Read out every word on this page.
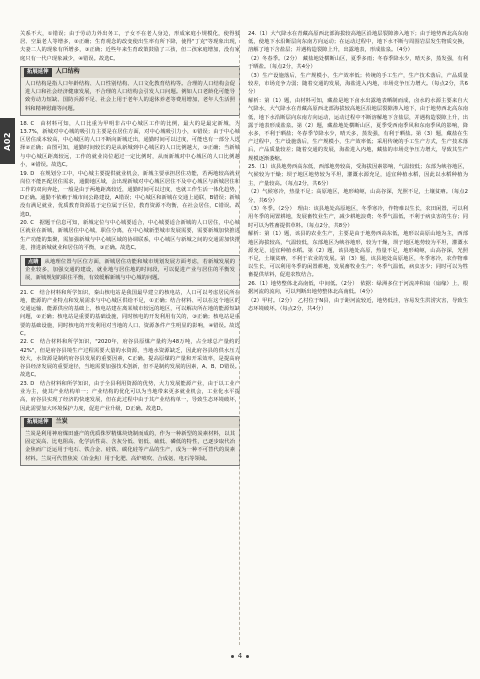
A02

关系不大，①错误；由于劳动力外出务工，子女不在老人身边，形成家庭小规模化，使得独居、空巢老人等增多，②正确；生育观念的改变使出生率有所下降，使得"丁克"等现象出现，夫妻二人的现象有所增多，③正确；近些年来生育政策鼓励了三孩，但二孩家庭增加，没有家庭只有一代户现象减少，④错误。故选C。

拓展延伸	人口结构
人口结构是指人口年龄结构、人口性别结构、人口文化教育结构等。合理的人口结构会促进人口和社会经济健康发展，不合理的人口结构会引发人口问题。例如人口老龄化可能导致劳动力短缺、国防兵源不足、社会上用于老年人的退休养老等费用增加，老年人生活照料和精神慰藉等问题。

18. C　由材料可知，人口比重为甲明非占中心城区工作的比例，最大的是最定新城，为13.7%，新城对中心城的吸引力主要是在居住方面，对中心城吸引力小，①错误；由于中心城区居住成本较高，中心城区的人口不断向新城迁出，通勤时间可以过度，可能也有一部分人选择②正确；由图可知，通勤时间较长的是从新城到中心城区的人口比例越大，③正确；当新城与中心城区距离较远，工作的就业岗位超过一定比例时，从而新城对中心城区的人口比例越小，④错误。故选C。

19. D　在规划分工中，中心城主要提供就业机会，新城主要承担居住功能，若两地较高就业岗位不能匹配居住需求，通勤地区域，会出现新城对中心城区居住不及中心城区与新城居住和工作的双向奔赴，一般是由于两地距离较近，通勤时间可以过度，也就工作生活一体化趋势，D正确。通勤不依赖于城市间公路建设，A错误；中心城区和新城在交通上通联，B错误；新城没有满足就业，优质教育资源基于定位属于区位，教育资源不均衡，在社会居住，C错误。故选D。

20. C　据题干信息可知，新城定位与中心城要适合，中心城要适合新城的人口居住，中心城区就业在新城，新城居住中心城，职住分离，在中心城新型城市发展需要，需要新城加快推进生产功能的集聚，需加强新城与中心城区域的协调联系，中心城区与新城之间的交通需加快推进，推进新城就业和居住的平衡，③正确。故选C。

点睛 从地理位置与区位方面，新城居住功能和城市规划发展方面考虑，若新城发展的企业较多，加强交通的建设，就业地与居住地的时间段，可以促进产业与居住的平衡发展，新城规划的职住平衡，有效缓解新城与中心城的问题。

21. C　结合材料和所学知识，秦山核电站是我国最早建立的核电站，人口可以考虑居民所在地，能源的产业特点和发展需求与中心城区供给不足，①正确；结合材料、可以在这个地区的交通运输、能源供应的基础上，核电站建在离某城市较远的地区，可以解决所在地的能源短缺问题，②正确；核电站是重要的基础设施，同时核电的开发利用有关的，③正确；核电站是重要的基础设施，同时核电的开发利用对当地的人口、资源条件产生明显的影响，④错误。故选C。

22. C　结合材料和所学知识，"2020年，府谷县原煤产量约为48万吨，占全球总产量约的42%"，但是府谷县境生产过程需要大量的水资源，当地水资源缺乏，因此府谷县的供水压力较大，水资源是制约府谷县发展的重要因素，C正确。提高原煤的产量和开采效率，是提高府谷县经济发展的重要途径，当地需要加强技术创新，但不是制约发展的因素，A、B、D错误。故选C。

23. D　结合材料和所学知识，由于全县利用资源的优势，大力发展能源产业，由于以工业产业为主，使其产业结构单一；产业结构的优化可以为当地带来更多就业机会，工业化水平提高，府谷县实现了经济的快速发展，但在此过程中由于其产业结构单一，导致生态环境破坏，因此需要加大环境保护力度，促进产业升级，D正确。故选D。

拓展延伸	兰炭
兰炭是利用神府煤田盛产的优质侏罗精煤块烧制而成的，作为一种新型的炭素材料，以其固定炭高、比电阻高、化学活性高、含灰分低、铝低、硫低、磷低的特性，已逐步取代冶金焦而广泛运用于电石、铁合金、硅铁、碳化硅等产品的生产，成为一种不可替代的炭素材料。兰炭可代替焦炭（冶金焦）用于化肥、高炉喷吹、合成氨、电石等领域。

24.（1）大气降水在青藏高原西北部海拔较高地区沿地层裂隙渗入地下；由于地势西北高东南低，使地下水沿断层向东南方向运动；在运动过程中，地下水不断与周围岩层发生物质交换，溶解了地下含盐层；并遇构造裂隙上升，出露地表，形成盐泉。（4分）

（2）冬春季。（2分）　藏盐地处横断山区，夏季多雨；冬春季降水少，晴天多，蒸发强，有利于晒盐。（每点2分，共4分）

（3）生产设施落后，生产规模小，生产效率低；传统的手工生产，生产技术落后，产品质量较差，市场竞争力弱；随着交通的发展，海盐进入内地，市场竞争压力增大。（每点2分，共6分）

解析：第（1）题，由材料可知，藏盐是地下卤水出露地表晒制而成，卤水的水源主要来自大气降水，大气降水在青藏高原西北部海拔较高地区沿地层裂隙渗入地下，由于地势西北高东南低，地下水沿断层向东南方向运动，运动过程中不断溶解地下含盐层，并遇构造裂隙上升，出露于地表形成盐泉。第（2）题，藏盐地处横断山区，夏季受西南季风和东南季风的影响，降水多，不利于晒盐；冬春季节降水少，晴天多，蒸发强，有利于晒盐。第（3）题，藏盐在生产过程中，生产设施落后，生产规模小，生产效率低；采用传统的手工生产方式，生产技术落后，产品质量较差；随着交通的发展，海盐进入内地，藏盐的市场竞争压力增大，导致其生产规模逐渐萎缩。

25.（1）该县地势西高东低，西部地势较高，受海拔因素影响，气温较低；东部为峡谷地区，气候较为干燥；坝子地区地势较为平坦，灌溉水源充足，适宜种植水稻，因此以水稻种植为主，产量较高。（每点2分，共6分）

（2）气候寒冷，热量不足；高原地区，地形崎岖，山高谷深，光照不足，土壤贫瘠。（每点2分，共6分）

（3）冬季。（2分）　理由：该县地处高原地区，冬季寒冷，作物难以生长，农田闲置，可以利用冬季的闲置耕地，发展畜牧业生产，减少耕地浪费；冬季气温低，不利于病虫害的生存；同时可以为牲畜提供草料。（每点2分，共8分）

解析：第（1）题，该县的农业生产，主要是由于地势西高东低，地形以高原山地为主，西部地区海拔较高，气温较低，东部地区为峡谷地形，较为干燥，坝子地区地势较为平坦，灌溉水源充足，适宜种植水稻。第（2）题，该县地处高原，热量不足，地形崎岖，山高谷深，光照不足，土壤贫瘠，不利于农业的发展。第（3）题，该县地处高原地区，冬季寒冷，农作物难以生长，可以利用冬季的闲置耕地，发展畜牧业生产；冬季气温低，病虫害少；同时可以为牲畜提供草料，促进农牧结合。

26.（1）地势整体北高南低，中间低。（2分）　依据：绿洲多位于河流冲积扇（扇缘）上，根据河流的流向，可以判断出地势整体北高南低。（4分）

（2）甲村。（2分）　乙村位于N县，由于距河流较近，地势低洼，容易发生洪涝灾害，导致生态环境破坏。（每点2分，共4分）

4
